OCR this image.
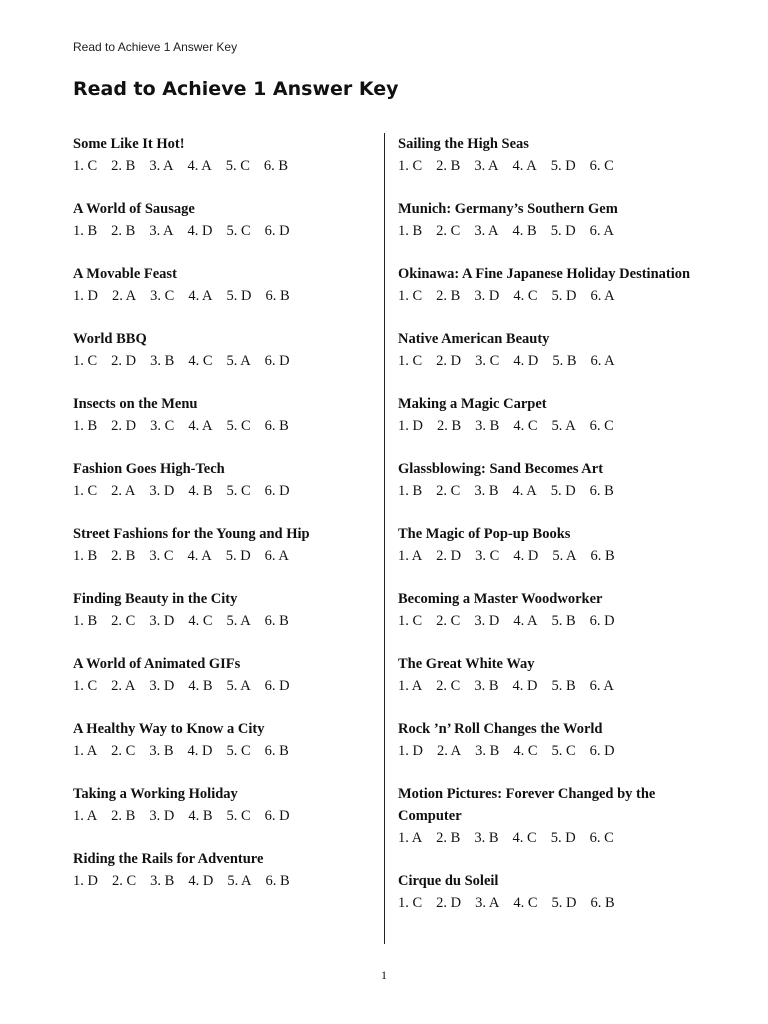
Read to Achieve 1 Answer Key
Read to Achieve 1 Answer Key
Some Like It Hot!
1. C 2. B 3. A 4. A 5. C 6. B
A World of Sausage
1. B 2. B 3. A 4. D 5. C 6. D
A Movable Feast
1. D 2. A 3. C 4. A 5. D 6. B
World BBQ
1. C 2. D 3. B 4. C 5. A 6. D
Insects on the Menu
1. B 2. D 3. C 4. A 5. C 6. B
Fashion Goes High-Tech
1. C 2. A 3. D 4. B 5. C 6. D
Street Fashions for the Young and Hip
1. B 2. B 3. C 4. A 5. D 6. A
Finding Beauty in the City
1. B 2. C 3. D 4. C 5. A 6. B
A World of Animated GIFs
1. C 2. A 3. D 4. B 5. A 6. D
A Healthy Way to Know a City
1. A 2. C 3. B 4. D 5. C 6. B
Taking a Working Holiday
1. A 2. B 3. D 4. B 5. C 6. D
Riding the Rails for Adventure
1. D 2. C 3. B 4. D 5. A 6. B
Sailing the High Seas
1. C 2. B 3. A 4. A 5. D 6. C
Munich: Germany’s Southern Gem
1. B 2. C 3. A 4. B 5. D 6. A
Okinawa: A Fine Japanese Holiday Destination
1. C 2. B 3. D 4. C 5. D 6. A
Native American Beauty
1. C 2. D 3. C 4. D 5. B 6. A
Making a Magic Carpet
1. D 2. B 3. B 4. C 5. A 6. C
Glassblowing: Sand Becomes Art
1. B 2. C 3. B 4. A 5. D 6. B
The Magic of Pop-up Books
1. A 2. D 3. C 4. D 5. A 6. B
Becoming a Master Woodworker
1. C 2. C 3. D 4. A 5. B 6. D
The Great White Way
1. A 2. C 3. B 4. D 5. B 6. A
Rock ’n’ Roll Changes the World
1. D 2. A 3. B 4. C 5. C 6. D
Motion Pictures: Forever Changed by the Computer
1. A 2. B 3. B 4. C 5. D 6. C
Cirque du Soleil
1. C 2. D 3. A 4. C 5. D 6. B
1
